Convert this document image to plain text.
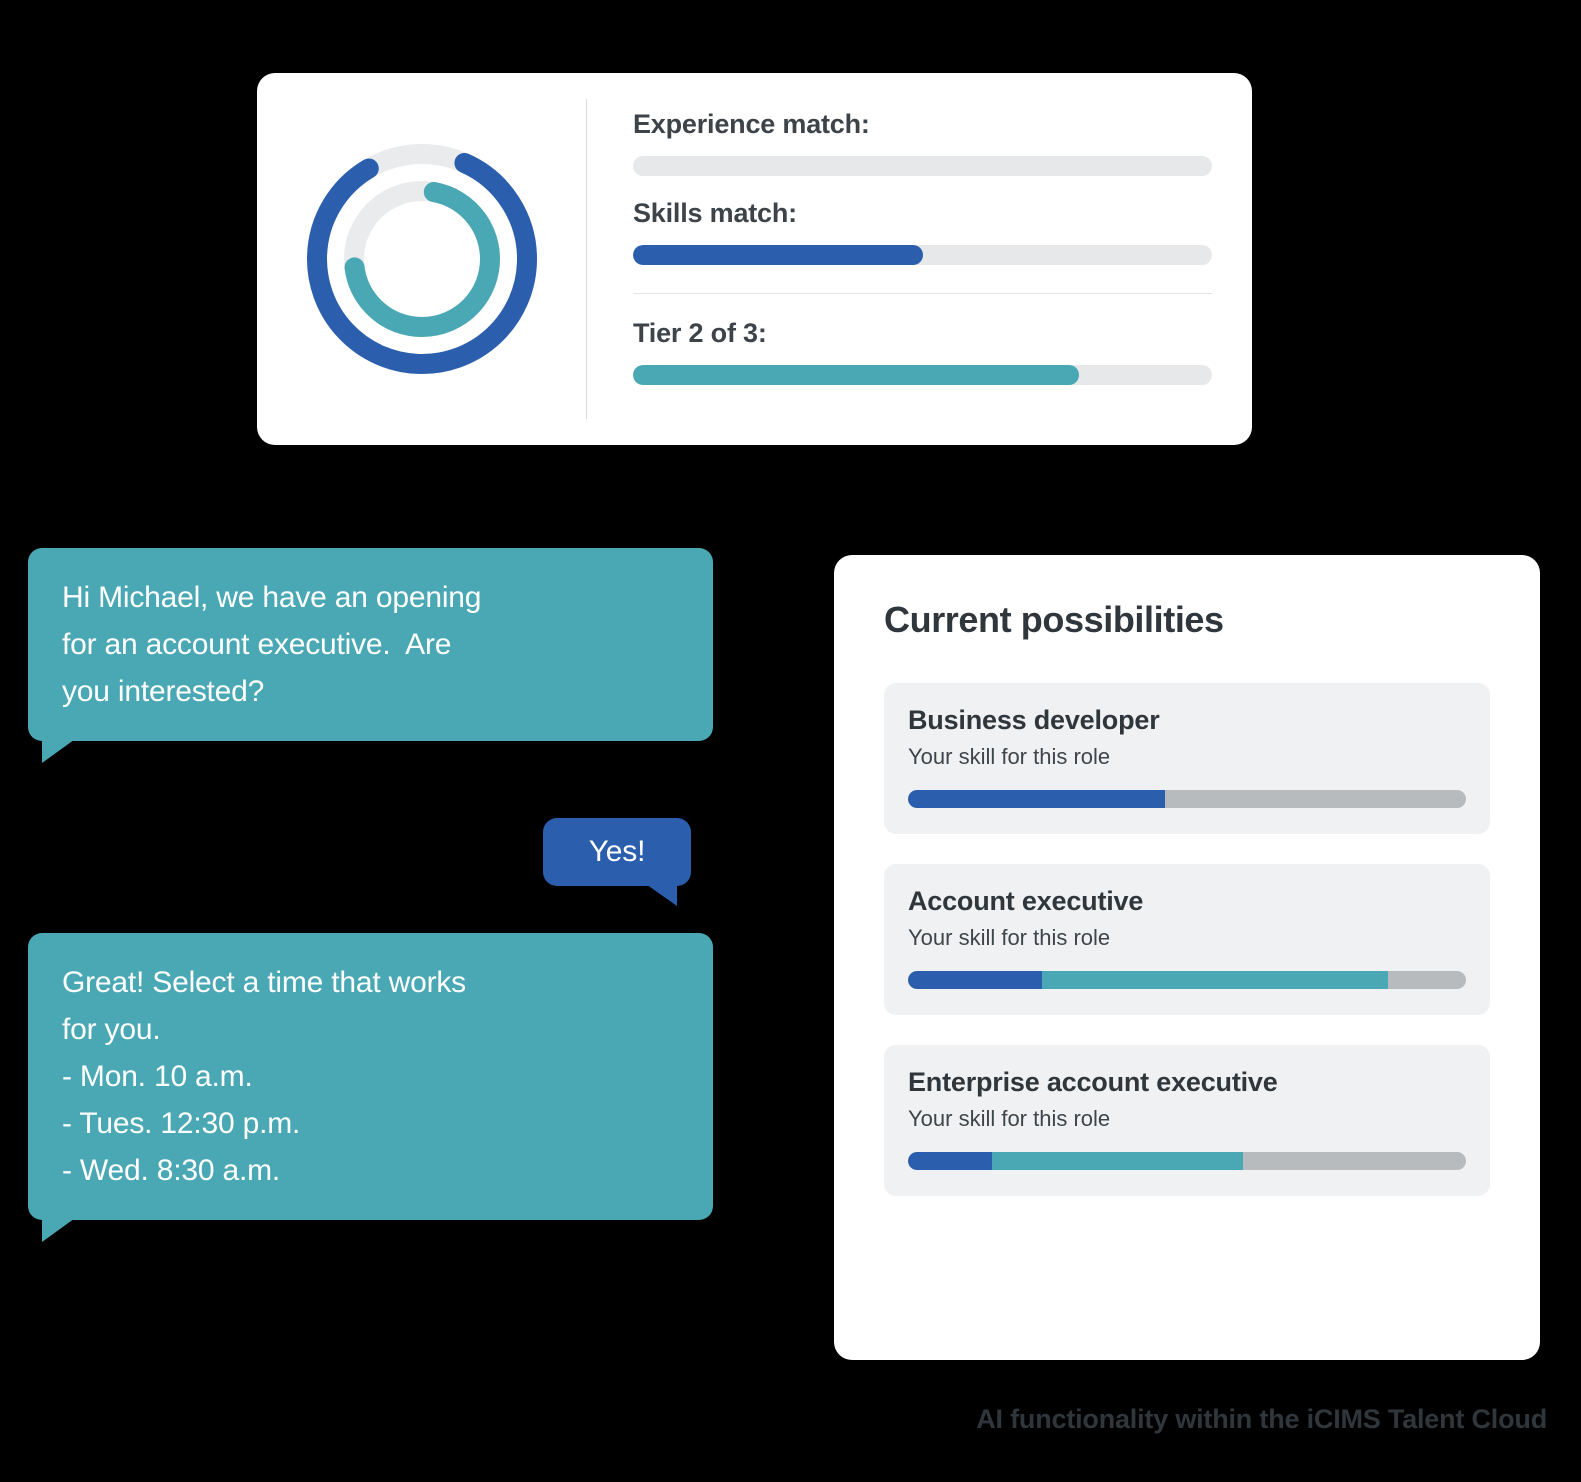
Experience match:
Skills match:
Tier 2 of 3:
Hi Michael, we have an opening
for an account executive.  Are
you interested?
Yes!
Great! Select a time that works
for you.
- Mon. 10 a.m.
- Tues. 12:30 p.m.
- Wed. 8:30 a.m.
Current possibilities
Business developer
Your skill for this role
Account executive
Your skill for this role
Enterprise account executive
Your skill for this role
AI functionality within the iCIMS Talent Cloud
